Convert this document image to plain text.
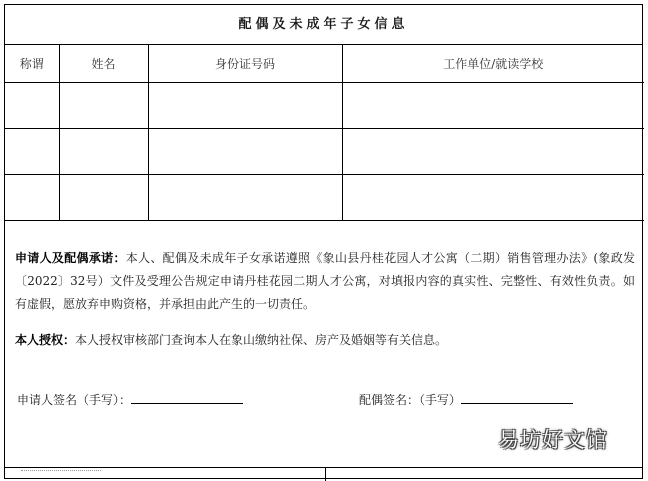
配偶及未成年子女信息
称谓	姓名	身份证号码	工作单位/就读学校

申请人及配偶承诺：本人、配偶及未成年子女承诺遵照《象山县丹桂花园人才公寓（二期）销售管理办法》(象政发〔2022〕32号）文件及受理公告规定申请丹桂花园二期人才公寓，对填报内容的真实性、完整性、有效性负责。如有虚假，愿放弃申购资格，并承担由此产生的一切责任。
本人授权：本人授权审核部门查询本人在象山缴纳社保、房产及婚姻等有关信息。
申请人签名（手写）：	配偶签名：（手写）
易坊好文馆
